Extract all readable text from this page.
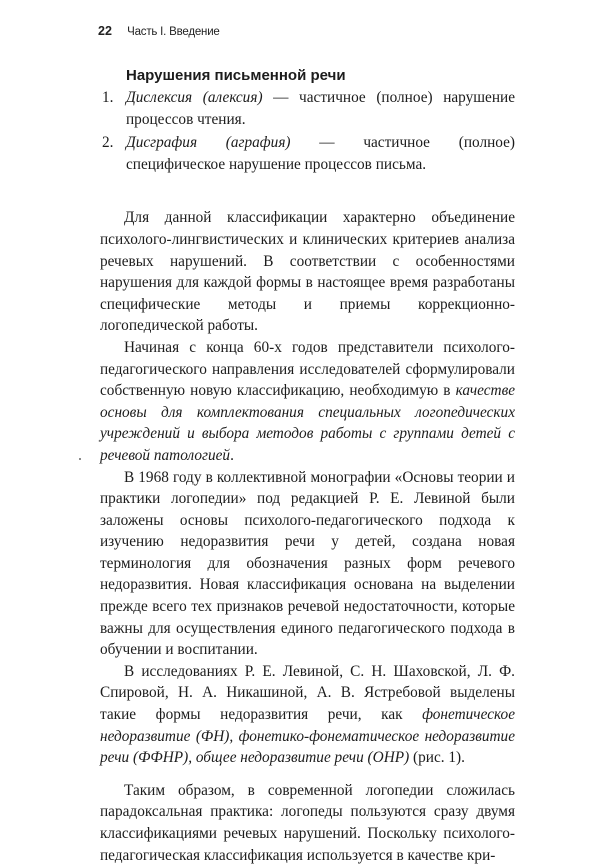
22 Часть I. Введение
Нарушения письменной речи
1. Дислексия (алексия) — частичное (полное) нарушение процессов чтения.
2. Дисграфия (аграфия) — частичное (полное) специфическое нарушение процессов письма.

Для данной классификации характерно объединение психолого-лингвистических и клинических критериев анализа речевых нарушений. В соответствии с особенностями нарушения для каждой формы в настоящее время разработаны специфические методы и приемы коррекционно-логопедической работы.

Начиная с конца 60-х годов представители психолого-педагогического направления исследователей сформулировали собственную новую классификацию, необходимую в качестве основы для комплектования специальных логопедических учреждений и выбора методов работы с группами детей с речевой патологией.

В 1968 году в коллективной монографии «Основы теории и практики логопедии» под редакцией Р. Е. Левиной были заложены основы психолого-педагогического подхода к изучению недоразвития речи у детей, создана новая терминология для обозначения разных форм речевого недоразвития. Новая классификация основана на выделении прежде всего тех признаков речевой недостаточности, которые важны для осуществления единого педагогического подхода в обучении и воспитании.

В исследованиях Р. Е. Левиной, С. Н. Шаховской, Л. Ф. Спировой, Н. А. Никашиной, А. В. Ястребовой выделены такие формы недоразвития речи, как фонетическое недоразвитие (ФН), фонетико-фонематическое недоразвитие речи (ФФНР), общее недоразвитие речи (ОНР) (рис. 1).

Таким образом, в современной логопедии сложилась парадоксальная практика: логопеды пользуются сразу двумя классификациями речевых нарушений. Поскольку психолого-педагогическая классификация используется в качестве кри-
